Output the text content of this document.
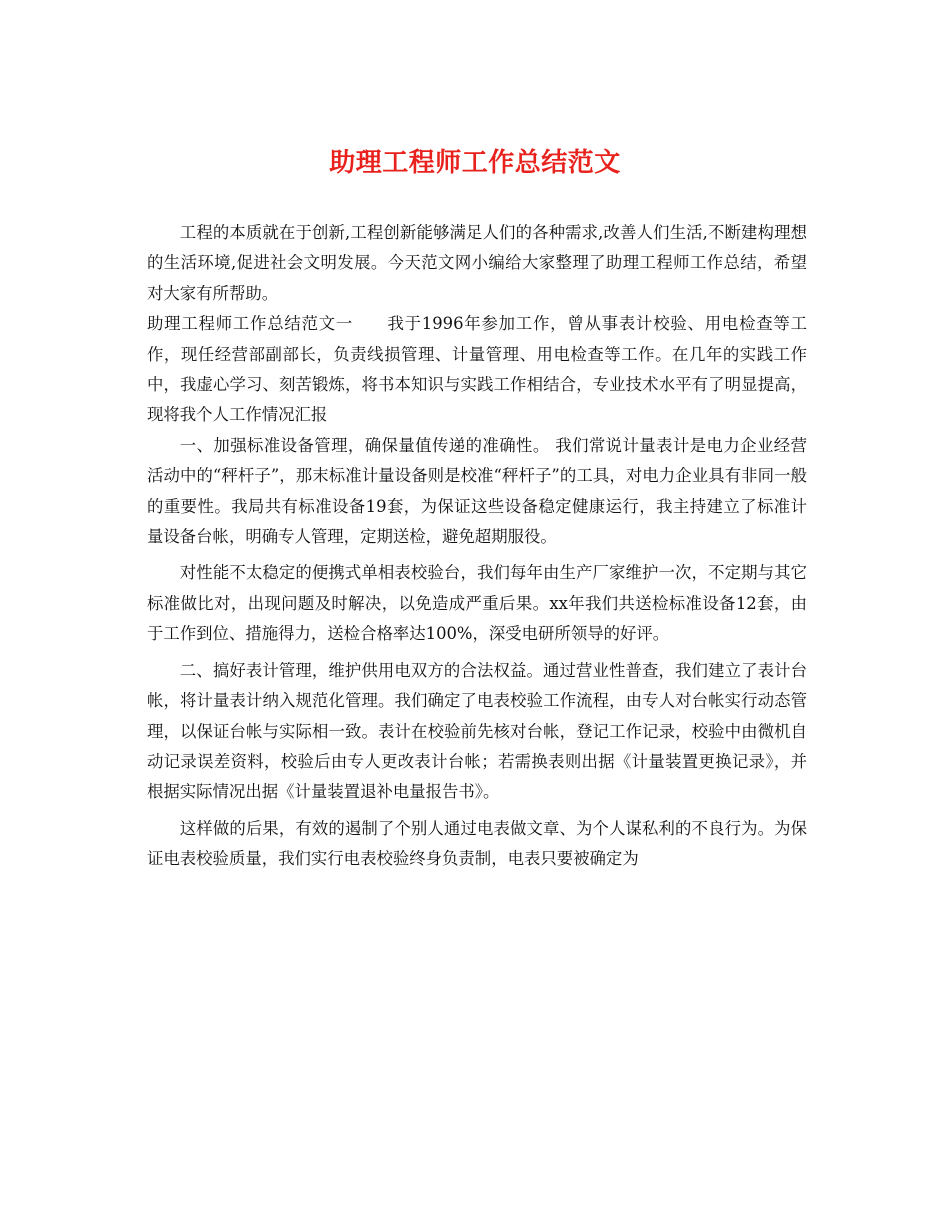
助理工程师工作总结范文

工程的本质就在于创新,工程创新能够满足人们的各种需求,改善人们生活,不断建构理想的生活环境,促进社会文明发展。今天范文网小编给大家整理了助理工程师工作总结，希望对大家有所帮助。

助理工程师工作总结范文一　　我于1996年参加工作，曾从事表计校验、用电检查等工作，现任经营部副部长，负责线损管理、计量管理、用电检查等工作。在几年的实践工作中，我虚心学习、刻苦锻炼，将书本知识与实践工作相结合，专业技术水平有了明显提高，现将我个人工作情况汇报

一、加强标准设备管理，确保量值传递的准确性。 我们常说计量表计是电力企业经营活动中的“秤杆子”，那末标准计量设备则是校准“秤杆子”的工具，对电力企业具有非同一般的重要性。我局共有标准设备19套，为保证这些设备稳定健康运行，我主持建立了标准计量设备台帐，明确专人管理，定期送检，避免超期服役。

对性能不太稳定的便携式单相表校验台，我们每年由生产厂家维护一次，不定期与其它标准做比对，出现问题及时解决，以免造成严重后果。xx年我们共送检标准设备12套，由于工作到位、措施得力，送检合格率达100%，深受电研所领导的好评。

二、搞好表计管理，维护供用电双方的合法权益。通过营业性普查，我们建立了表计台帐，将计量表计纳入规范化管理。我们确定了电表校验工作流程，由专人对台帐实行动态管理，以保证台帐与实际相一致。表计在校验前先核对台帐，登记工作记录，校验中由微机自动记录误差资料，校验后由专人更改表计台帐；若需换表则出据《计量装置更换记录》，并根据实际情况出据《计量装置退补电量报告书》。

这样做的后果，有效的遏制了个别人通过电表做文章、为个人谋私利的不良行为。为保证电表校验质量，我们实行电表校验终身负责制，电表只要被确定为
